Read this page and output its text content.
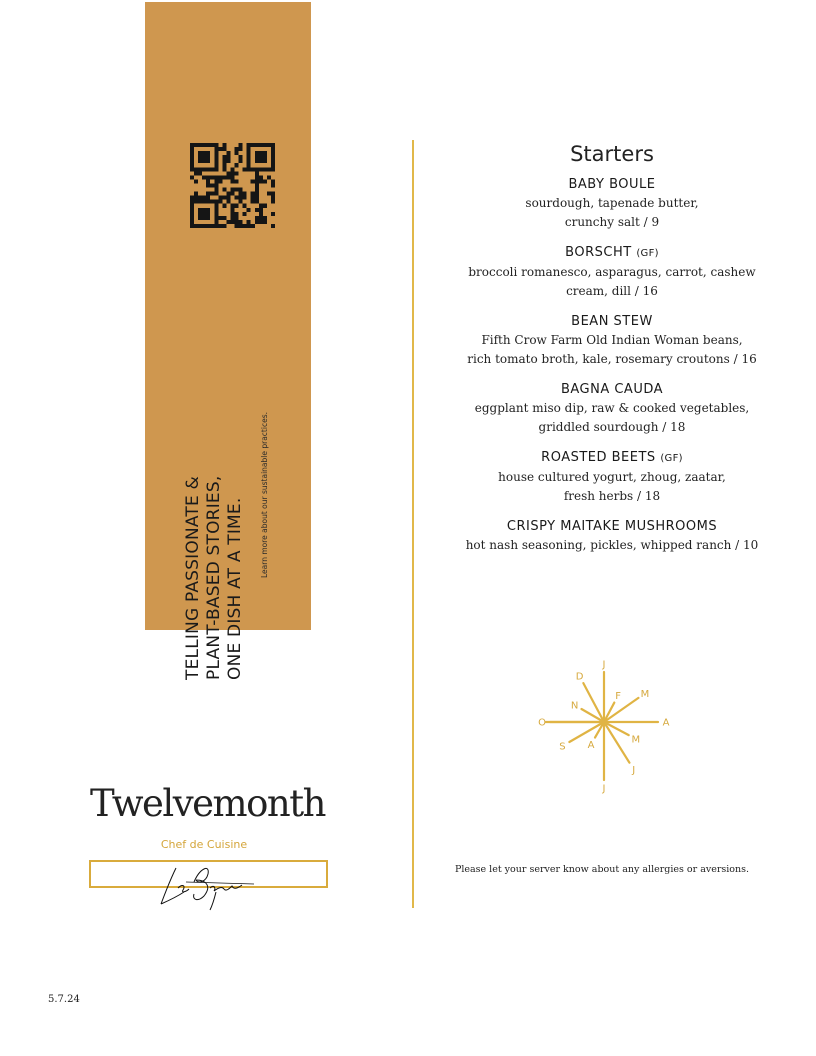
TELLING PASSIONATE & PLANT-BASED STORIES, ONE DISH AT A TIME.
Learn more about our sustainable practices.
Twelvemonth
Chef de Cuisine
Starters
BABY BOULE
sourdough, tapenade butter,
crunchy salt / 9
BORSCHT (GF)
broccoli romanesco, asparagus, carrot, cashew
cream, dill / 16
BEAN STEW
Fifth Crow Farm Old Indian Woman beans,
rich tomato broth, kale, rosemary croutons / 16
BAGNA CAUDA
eggplant miso dip, raw & cooked vegetables,
griddled sourdough / 18
ROASTED BEETS (GF)
house cultured yogurt, zhoug, zaatar,
fresh herbs / 18
CRISPY MAITAKE MUSHROOMS
hot nash seasoning, pickles, whipped ranch / 10
J
F M
A
M
J
J
A
S
O
N
D
Please let your server know about any allergies or aversions.
5.7.24
